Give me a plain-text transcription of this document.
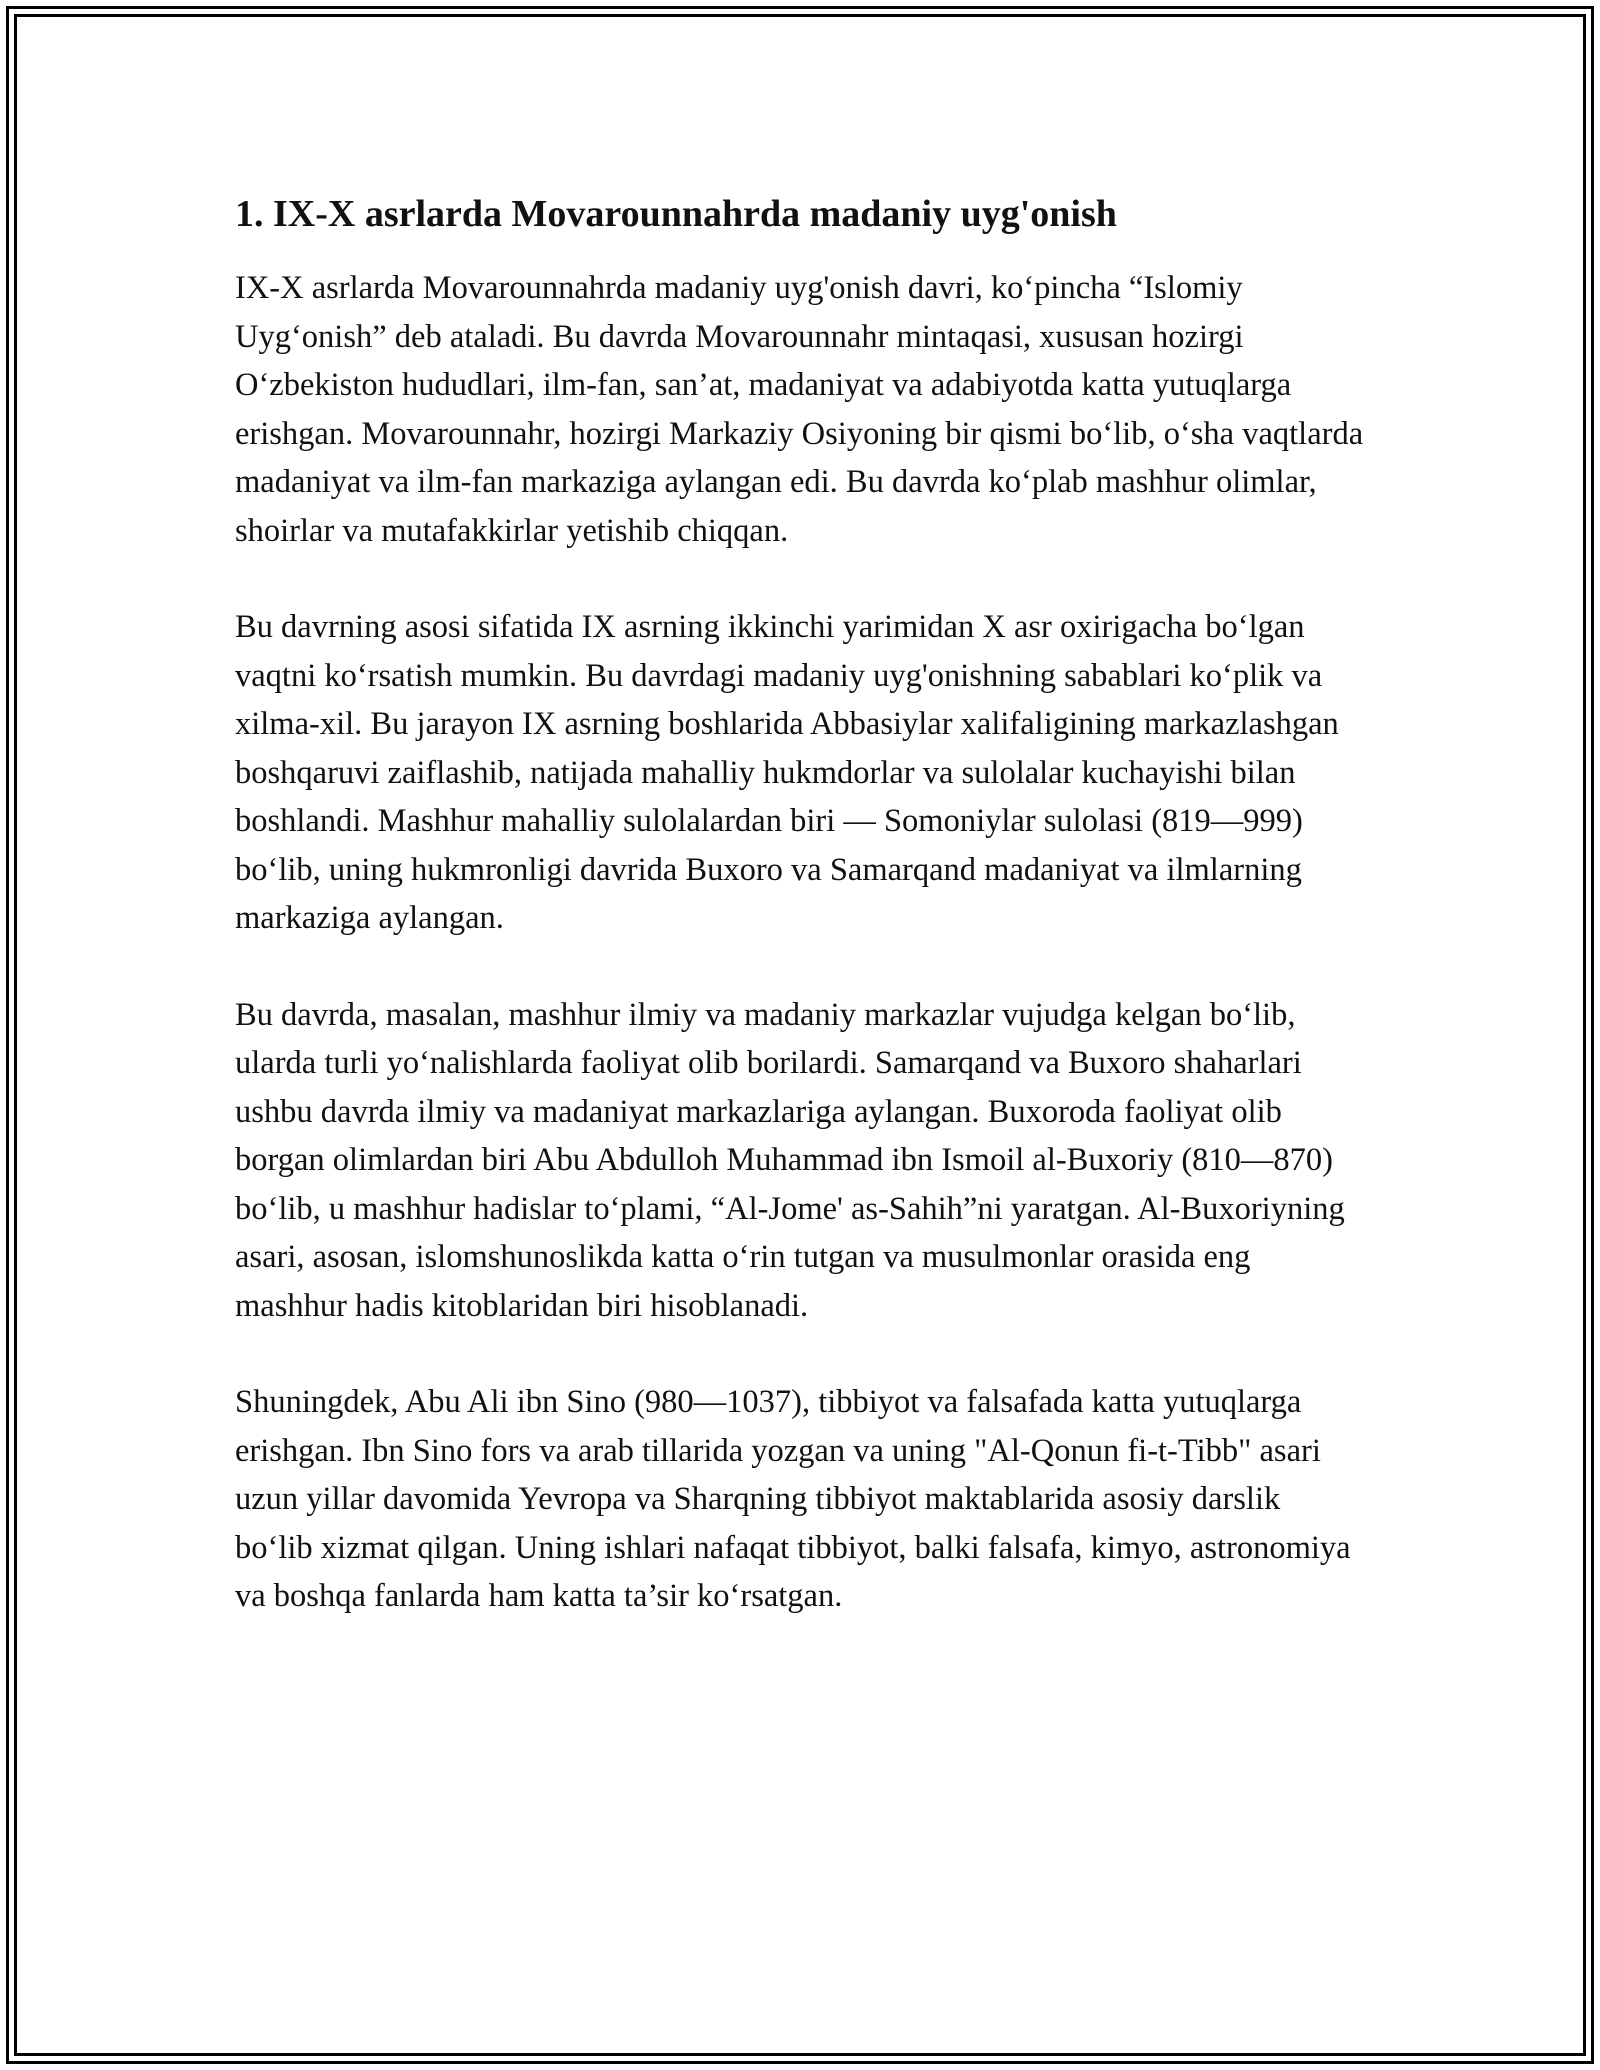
1. IX-X asrlarda Movarounnahrda madaniy uyg'onish

IX-X asrlarda Movarounnahrda madaniy uyg'onish davri, koʻpincha “Islomiy Uygʻonish” deb ataladi. Bu davrda Movarounnahr mintaqasi, xususan hozirgi Oʻzbekiston hududlari, ilm-fan, san’at, madaniyat va adabiyotda katta yutuqlarga erishgan. Movarounnahr, hozirgi Markaziy Osiyoning bir qismi boʻlib, oʻsha vaqtlarda madaniyat va ilm-fan markaziga aylangan edi. Bu davrda koʻplab mashhur olimlar, shoirlar va mutafakkirlar yetishib chiqqan.

Bu davrning asosi sifatida IX asrning ikkinchi yarimidan X asr oxirigacha boʻlgan vaqtni koʻrsatish mumkin. Bu davrdagi madaniy uyg'onishning sabablari koʻplik va xilma-xil. Bu jarayon IX asrning boshlarida Abbasiylar xalifaligining markazlashgan boshqaruvi zaiflashib, natijada mahalliy hukmdorlar va sulolalar kuchayishi bilan boshlandi. Mashhur mahalliy sulolalardan biri — Somoniylar sulolasi (819—999) boʻlib, uning hukmronligi davrida Buxoro va Samarqand madaniyat va ilmlarning markaziga aylangan.

Bu davrda, masalan, mashhur ilmiy va madaniy markazlar vujudga kelgan boʻlib, ularda turli yoʻnalishlarda faoliyat olib borilardi. Samarqand va Buxoro shaharlari ushbu davrda ilmiy va madaniyat markazlariga aylangan. Buxoroda faoliyat olib borgan olimlardan biri Abu Abdulloh Muhammad ibn Ismoil al-Buxoriy (810—870) boʻlib, u mashhur hadislar toʻplami, “Al-Jome' as-Sahih”ni yaratgan. Al-Buxoriyning asari, asosan, islomshunoslikda katta oʻrin tutgan va musulmonlar orasida eng mashhur hadis kitoblaridan biri hisoblanadi.

Shuningdek, Abu Ali ibn Sino (980—1037), tibbiyot va falsafada katta yutuqlarga erishgan. Ibn Sino fors va arab tillarida yozgan va uning "Al-Qonun fi-t-Tibb" asari uzun yillar davomida Yevropa va Sharqning tibbiyot maktablarida asosiy darslik boʻlib xizmat qilgan. Uning ishlari nafaqat tibbiyot, balki falsafa, kimyo, astronomiya va boshqa fanlarda ham katta ta’sir koʻrsatgan.
